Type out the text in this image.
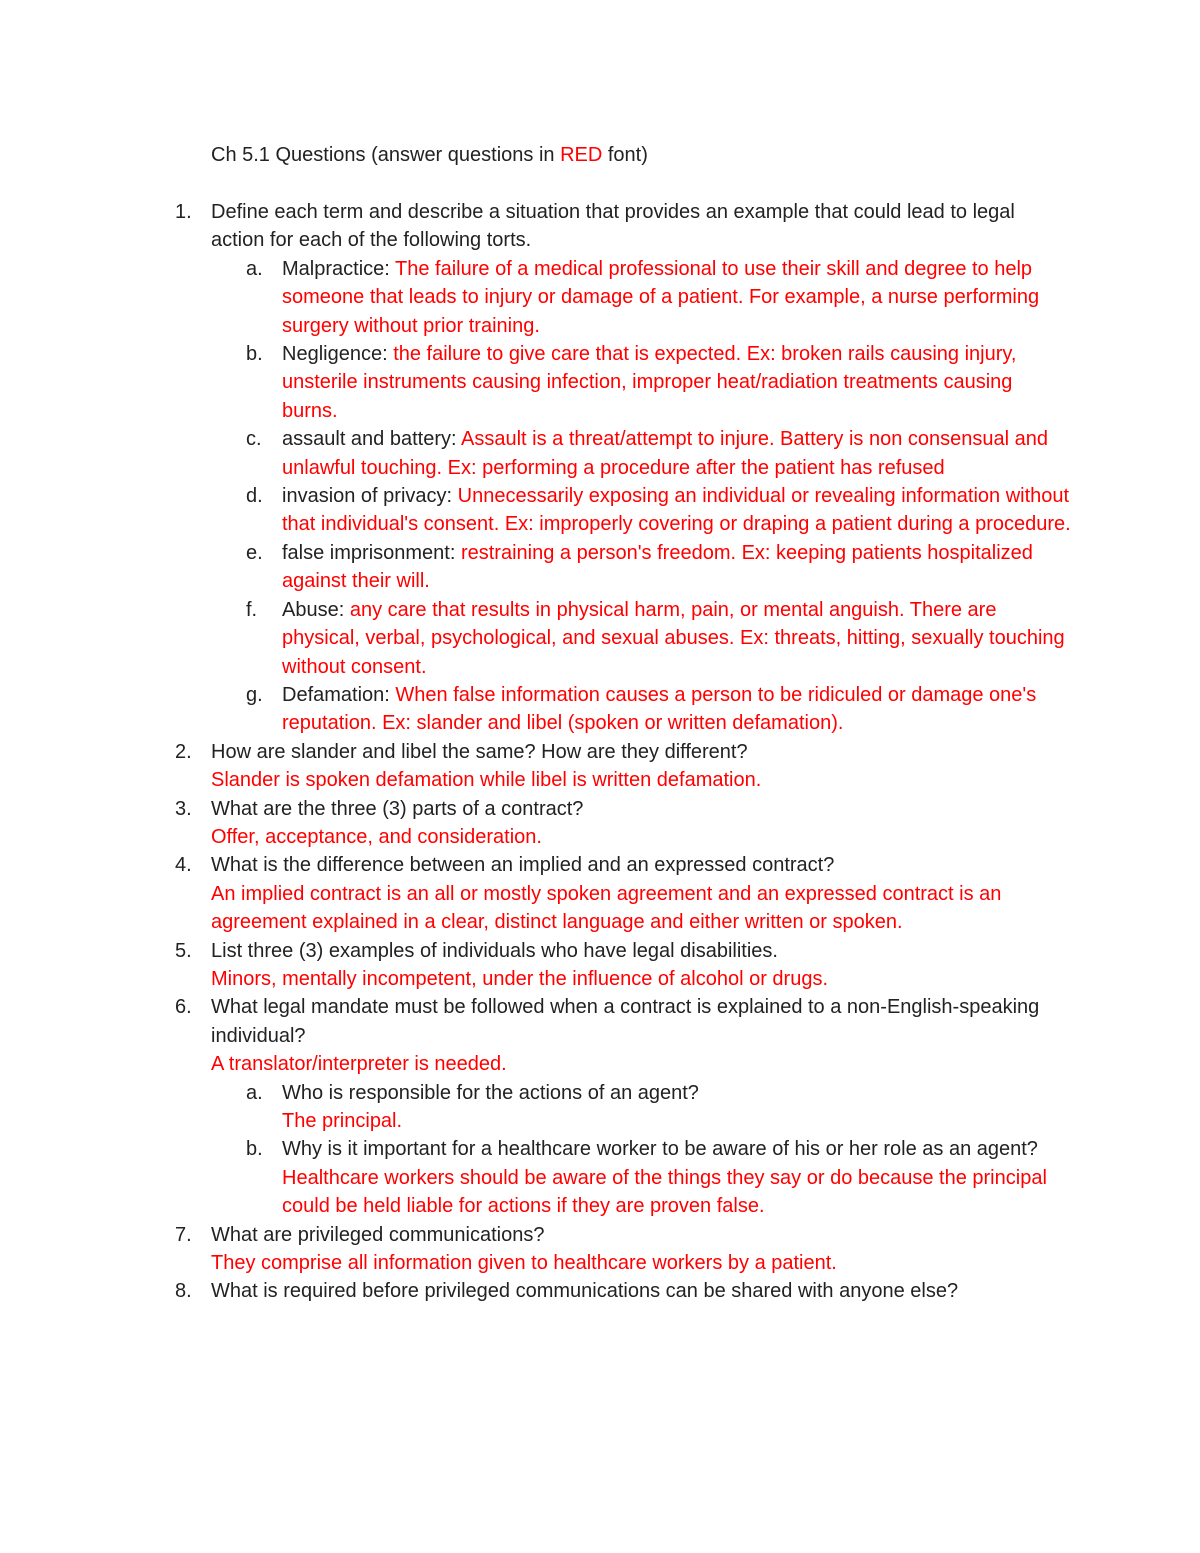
Ch 5.1 Questions (answer questions in RED font)
1. Define each term and describe a situation that provides an example that could lead to legal action for each of the following torts.
a. Malpractice: The failure of a medical professional to use their skill and degree to help someone that leads to injury or damage of a patient. For example, a nurse performing surgery without prior training.
b. Negligence: the failure to give care that is expected. Ex: broken rails causing injury, unsterile instruments causing infection, improper heat/radiation treatments causing burns.
c. assault and battery: Assault is a threat/attempt to injure. Battery is non consensual and unlawful touching. Ex: performing a procedure after the patient has refused
d. invasion of privacy: Unnecessarily exposing an individual or revealing information without that individual's consent. Ex: improperly covering or draping a patient during a procedure.
e. false imprisonment: restraining a person's freedom. Ex: keeping patients hospitalized against their will.
f. Abuse: any care that results in physical harm, pain, or mental anguish. There are physical, verbal, psychological, and sexual abuses. Ex: threats, hitting, sexually touching without consent.
g. Defamation: When false information causes a person to be ridiculed or damage one's reputation. Ex: slander and libel (spoken or written defamation).
2. How are slander and libel the same? How are they different?
Slander is spoken defamation while libel is written defamation.
3. What are the three (3) parts of a contract?
Offer, acceptance, and consideration.
4. What is the difference between an implied and an expressed contract?
An implied contract is an all or mostly spoken agreement and an expressed contract is an agreement explained in a clear, distinct language and either written or spoken.
5. List three (3) examples of individuals who have legal disabilities.
Minors, mentally incompetent, under the influence of alcohol or drugs.
6. What legal mandate must be followed when a contract is explained to a non-English-speaking individual?
A translator/interpreter is needed.
a. Who is responsible for the actions of an agent?
The principal.
b. Why is it important for a healthcare worker to be aware of his or her role as an agent?
Healthcare workers should be aware of the things they say or do because the principal could be held liable for actions if they are proven false.
7. What are privileged communications?
They comprise all information given to healthcare workers by a patient.
8. What is required before privileged communications can be shared with anyone else?
